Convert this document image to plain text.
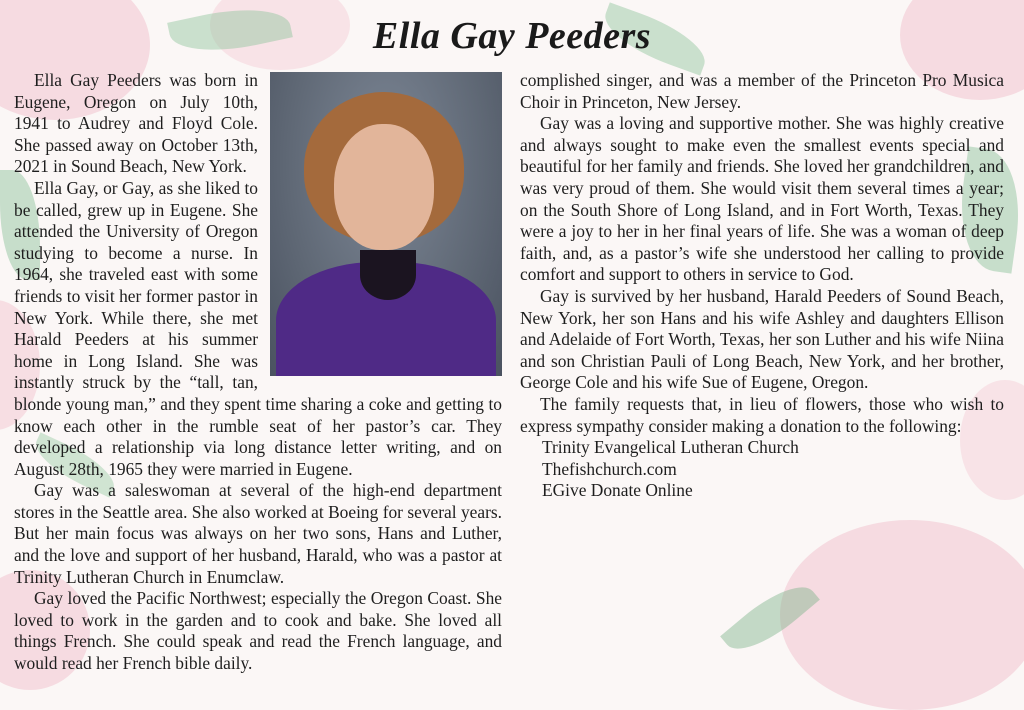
Ella Gay Peeders

Ella Gay Peeders was born in Eugene, Oregon on July 10th, 1941 to Audrey and Floyd Cole. She passed away on October 13th, 2021 in Sound Beach, New York.

Ella Gay, or Gay, as she liked to be called, grew up in Eugene. She attended the University of Oregon studying to become a nurse. In 1964, she traveled east with some friends to visit her former pastor in New York. While there, she met Harald Peeders at his summer home in Long Island. She was instantly struck by the “tall, tan, blonde young man,” and they spent time sharing a coke and getting to know each other in the rumble seat of her pastor’s car. They developed a relationship via long distance letter writing, and on August 28th, 1965 they were married in Eugene.

Gay was a saleswoman at several of the high-end department stores in the Seattle area. She also worked at Boeing for several years. But her main focus was always on her two sons, Hans and Luther, and the love and support of her husband, Harald, who was a pastor at Trinity Lutheran Church in Enumclaw.

Gay loved the Pacific Northwest; especially the Oregon Coast. She loved to work in the garden and to cook and bake. She loved all things French. She could speak and read the French language, and would read her French bible daily.

complished singer, and was a member of the Princeton Pro Musica Choir in Princeton, New Jersey.

Gay was a loving and supportive mother. She was highly creative and always sought to make even the smallest events special and beautiful for her family and friends. She loved her grandchildren, and was very proud of them. She would visit them several times a year; on the South Shore of Long Island, and in Fort Worth, Texas. They were a joy to her in her final years of life. She was a woman of deep faith, and, as a pastor’s wife she understood her calling to provide comfort and support to others in service to God.

Gay is survived by her husband, Harald Peeders of Sound Beach, New York, her son Hans and his wife Ashley and daughters Ellison and Adelaide of Fort Worth, Texas, her son Luther and his wife Niina and son Christian Pauli of Long Beach, New York, and her brother, George Cole and his wife Sue of Eugene, Oregon.

The family requests that, in lieu of flowers, those who wish to express sympathy consider making a donation to the following:

Trinity Evangelical Lutheran Church

Thefishchurch.com

EGive Donate Online
